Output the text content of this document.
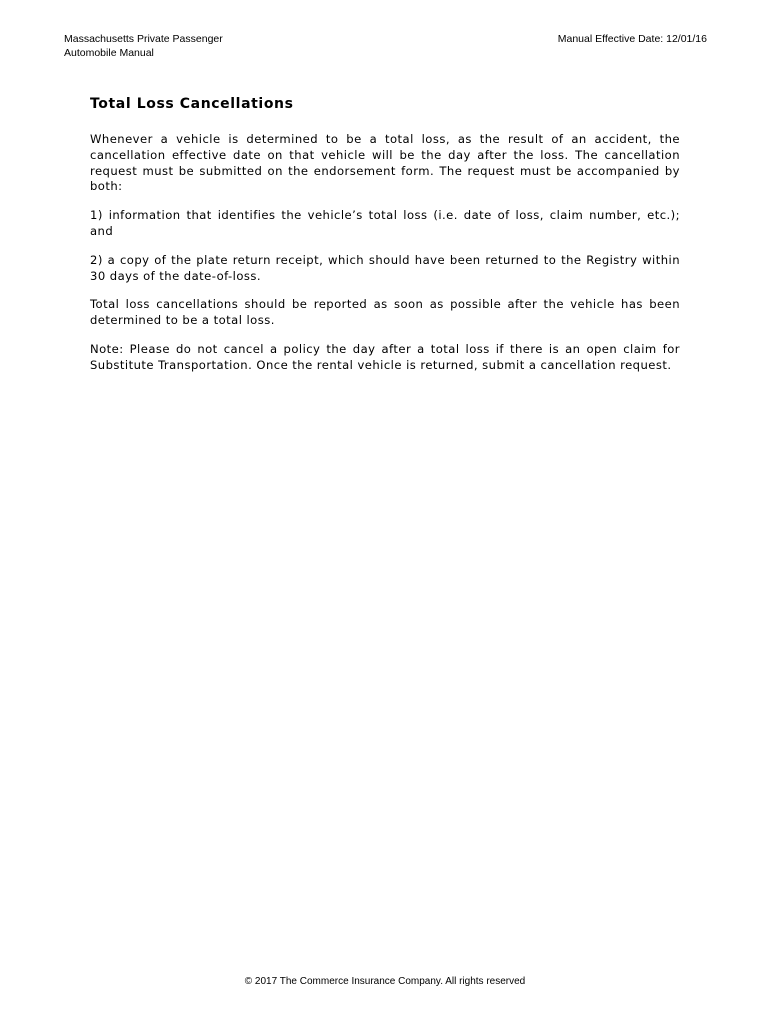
Massachusetts Private Passenger
Automobile Manual
Manual Effective Date: 12/01/16
Total Loss Cancellations

Whenever a vehicle is determined to be a total loss, as the result of an accident, the cancellation effective date on that vehicle will be the day after the loss. The cancellation request must be submitted on the endorsement form. The request must be accompanied by both:

1) information that identifies the vehicle’s total loss (i.e. date of loss, claim number, etc.); and

2) a copy of the plate return receipt, which should have been returned to the Registry within 30 days of the date-of-loss.

Total loss cancellations should be reported as soon as possible after the vehicle has been determined to be a total loss.

Note: Please do not cancel a policy the day after a total loss if there is an open claim for Substitute Transportation. Once the rental vehicle is returned, submit a cancellation request.

© 2017 The Commerce Insurance Company. All rights reserved
